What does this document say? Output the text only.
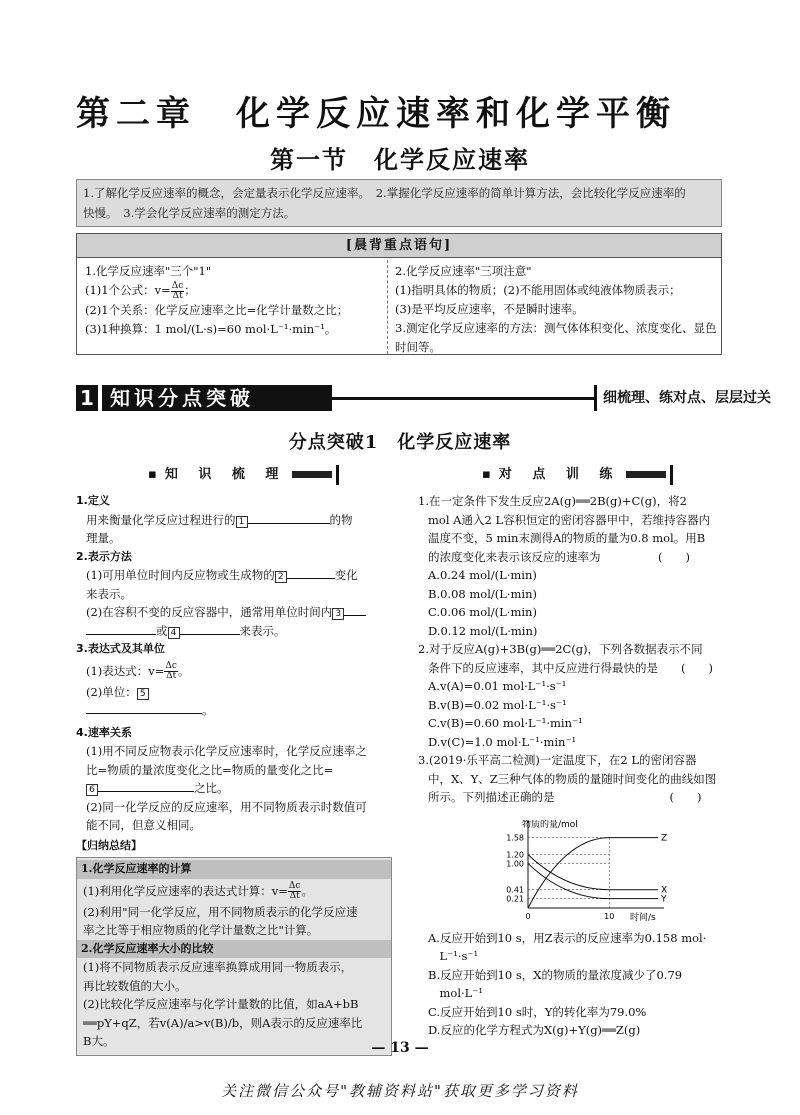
第二章　化学反应速率和化学平衡
第一节　化学反应速率

1.了解化学反应速率的概念，会定量表示化学反应速率。　2.掌握化学反应速率的简单计算方法，会比较化学反应速率的

快慢。　3.学会化学反应速率的测定方法。

[晨背重点语句]

1.化学反应速率"三个"1"

(1)1个公式：$v= \frac{\Delta c}{\Delta t}$；

(2)1个关系：化学反应速率之比=化学计量数之比；

(3)1种换算：1 mol/(L·s)=60 mol·L⁻¹·min⁻¹。

2.化学反应速率"三项注意"

(1)指明具体的物质；(2)不能用固体或纯液体物质表示；

(3)是平均反应速率，不是瞬时速率。

3.测定化学反应速率的方法：测气体体积变化、浓度变化、显色

时间等。

1 知识分点突破	细梳理、练对点、层层过关
分点突破1　化学反应速率
▪知 识 梳 理	▪对 点 训 练

1.定义

用来衡量化学反应过程进行的 1	的物

理量。

2.表示方法

(1)可用单位时间内反应物或生成物的 2	变化

来表示。

(2)在容积不变的反应容器中，通常用单位时间内 3

或 4	来表示。

3.表达式及其单位

(1)表达式：$v= \frac{\Delta c}{\Delta t}$。

(2)单位： 5

。

4.速率关系

(1)用不同反应物表示化学反应速率时，化学反应速率之

比=物质的量浓度变化之比=物质的量变化之比=

6	之比。

(2)同一化学反应的反应速率，用不同物质表示时数值可

能不同，但意义相同。

【归纳总结】

1.化学反应速率的计算

(1)利用化学反应速率的表达式计算：$v= \frac{\Delta c}{\Delta t}$。

(2)利用"同一化学反应，用不同物质表示的化学反应速

率之比等于相应物质的化学计量数之比"计算。

2.化学反应速率大小的比较

(1)将不同物质表示反应速率换算成用同一物质表示，

再比较数值的大小。

(2)比较化学反应速率与化学计量数的比值，如aA+bB

══pY+qZ，若v(A)/a>v(B)/b，则A表示的反应速率比

B大。

1.在一定条件下发生反应2A(g)══2B(g)+C(g)，将2

mol A通入2 L容积恒定的密闭容器甲中，若维持容器内

温度不变，5 min末测得A的物质的量为0.8 mol。用B

的浓度变化来表示该反应的速率为　　　　　(　　)

A.0.24 mol/(L·min)

B.0.08 mol/(L·min)

C.0.06 mol/(L·min)

D.0.12 mol/(L·min)

2.对于反应A(g)+3B(g)══2C(g)，下列各数据表示不同

条件下的反应速率，其中反应进行得最快的是　　(　　)

A.v(A)=0.01 mol·L⁻¹·s⁻¹

B.v(B)=0.02 mol·L⁻¹·s⁻¹

C.v(B)=0.60 mol·L⁻¹·min⁻¹

D.v(C)=1.0 mol·L⁻¹·min⁻¹

3.(2019·乐平高二检测)一定温度下，在2 L的密闭容器

中，X、Y、Z三种气体的物质的量随时间变化的曲线如图

所示。下列描述正确的是　　　　　　　　　　(　　)

A.反应开始到10 s，用Z表示的反应速率为0.158 mol·

　L⁻¹·s⁻¹

B.反应开始到10 s，X的物质的量浓度减少了0.79

　mol·L⁻¹

C.反应开始到10 s时，Y的转化率为79.0%

D.反应的化学方程式为X(g)+Y(g)══Z(g)

物质的量/mol
时间/s
0.21
0.41
1.00
1.20
1.58
0	10
Z
X
Y
— 13 —
关注微信公众号"教辅资料站"获取更多学习资料
